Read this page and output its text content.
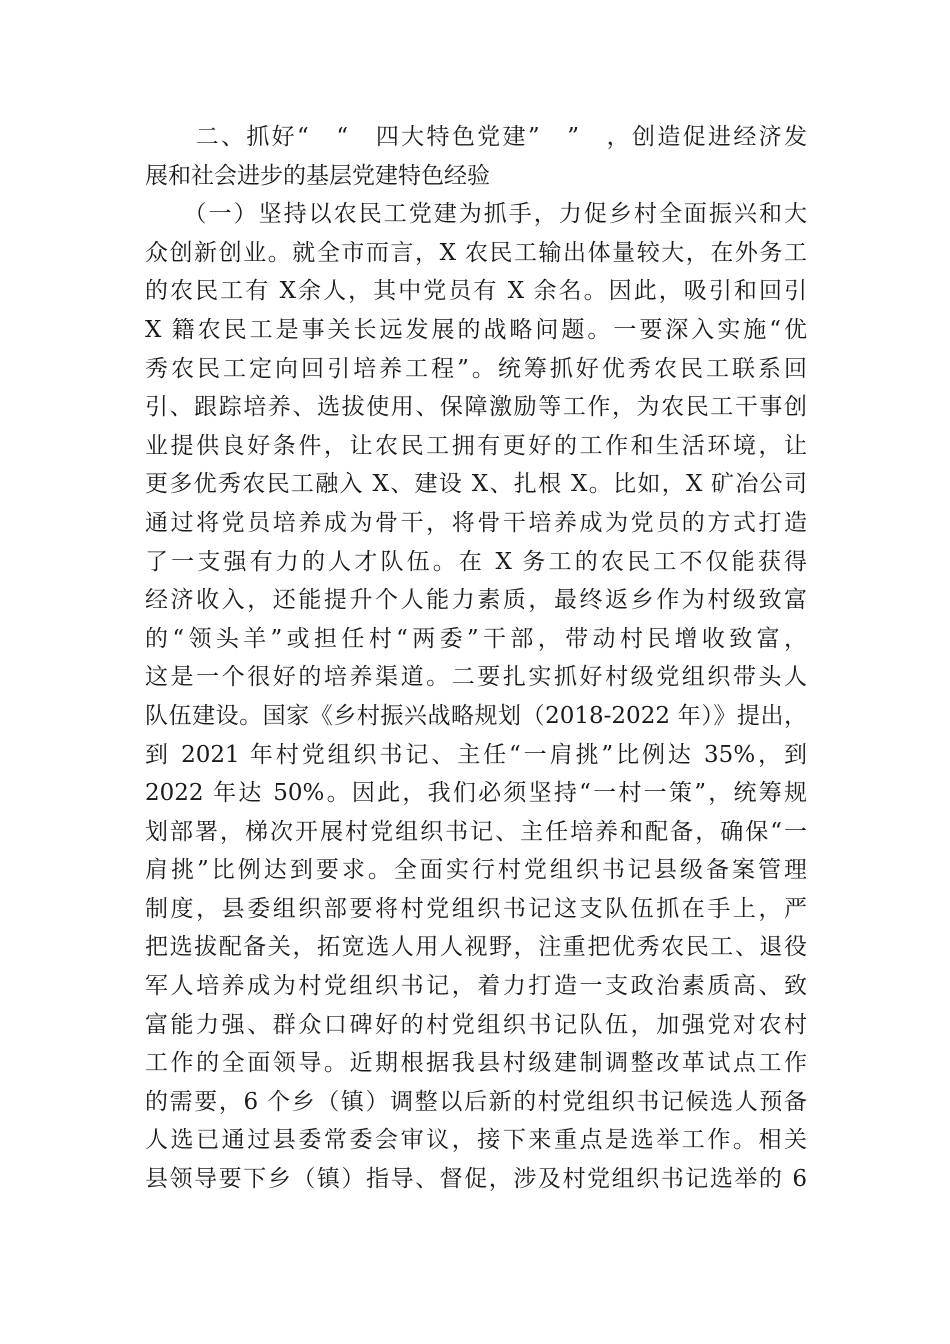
　　二、抓好“　“　四大特色党建”　”　，创造促进经济发
展和社会进步的基层党建特色经验
　　（一）坚持以农民工党建为抓手，力促乡村全面振兴和大
众创新创业。就全市而言，X 农民工输出体量较大，在外务工
的农民工有 X余人，其中党员有 X 余名。因此，吸引和回引
X 籍农民工是事关长远发展的战略问题。一要深入实施“优
秀农民工定向回引培养工程”。统筹抓好优秀农民工联系回
引、跟踪培养、选拔使用、保障激励等工作，为农民工干事创
业提供良好条件，让农民工拥有更好的工作和生活环境，让
更多优秀农民工融入 X、建设 X、扎根 X。比如，X 矿冶公司
通过将党员培养成为骨干，将骨干培养成为党员的方式打造
了一支强有力的人才队伍。在 X 务工的农民工不仅能获得
经济收入，还能提升个人能力素质，最终返乡作为村级致富
的“领头羊”或担任村“两委”干部，带动村民增收致富，
这是一个很好的培养渠道。二要扎实抓好村级党组织带头人
队伍建设。国家《乡村振兴战略规划（2018-2022 年）》提出，
到 2021 年村党组织书记、主任“一肩挑”比例达 35%，到
2022 年达 50%。因此，我们必须坚持“一村一策”，统筹规
划部署，梯次开展村党组织书记、主任培养和配备，确保“一
肩挑”比例达到要求。全面实行村党组织书记县级备案管理
制度，县委组织部要将村党组织书记这支队伍抓在手上，严
把选拔配备关，拓宽选人用人视野，注重把优秀农民工、退役
军人培养成为村党组织书记，着力打造一支政治素质高、致
富能力强、群众口碑好的村党组织书记队伍，加强党对农村
工作的全面领导。近期根据我县村级建制调整改革试点工作
的需要，6 个乡（镇）调整以后新的村党组织书记候选人预备
人选已通过县委常委会审议，接下来重点是选举工作。相关
县领导要下乡（镇）指导、督促，涉及村党组织书记选举的 6
